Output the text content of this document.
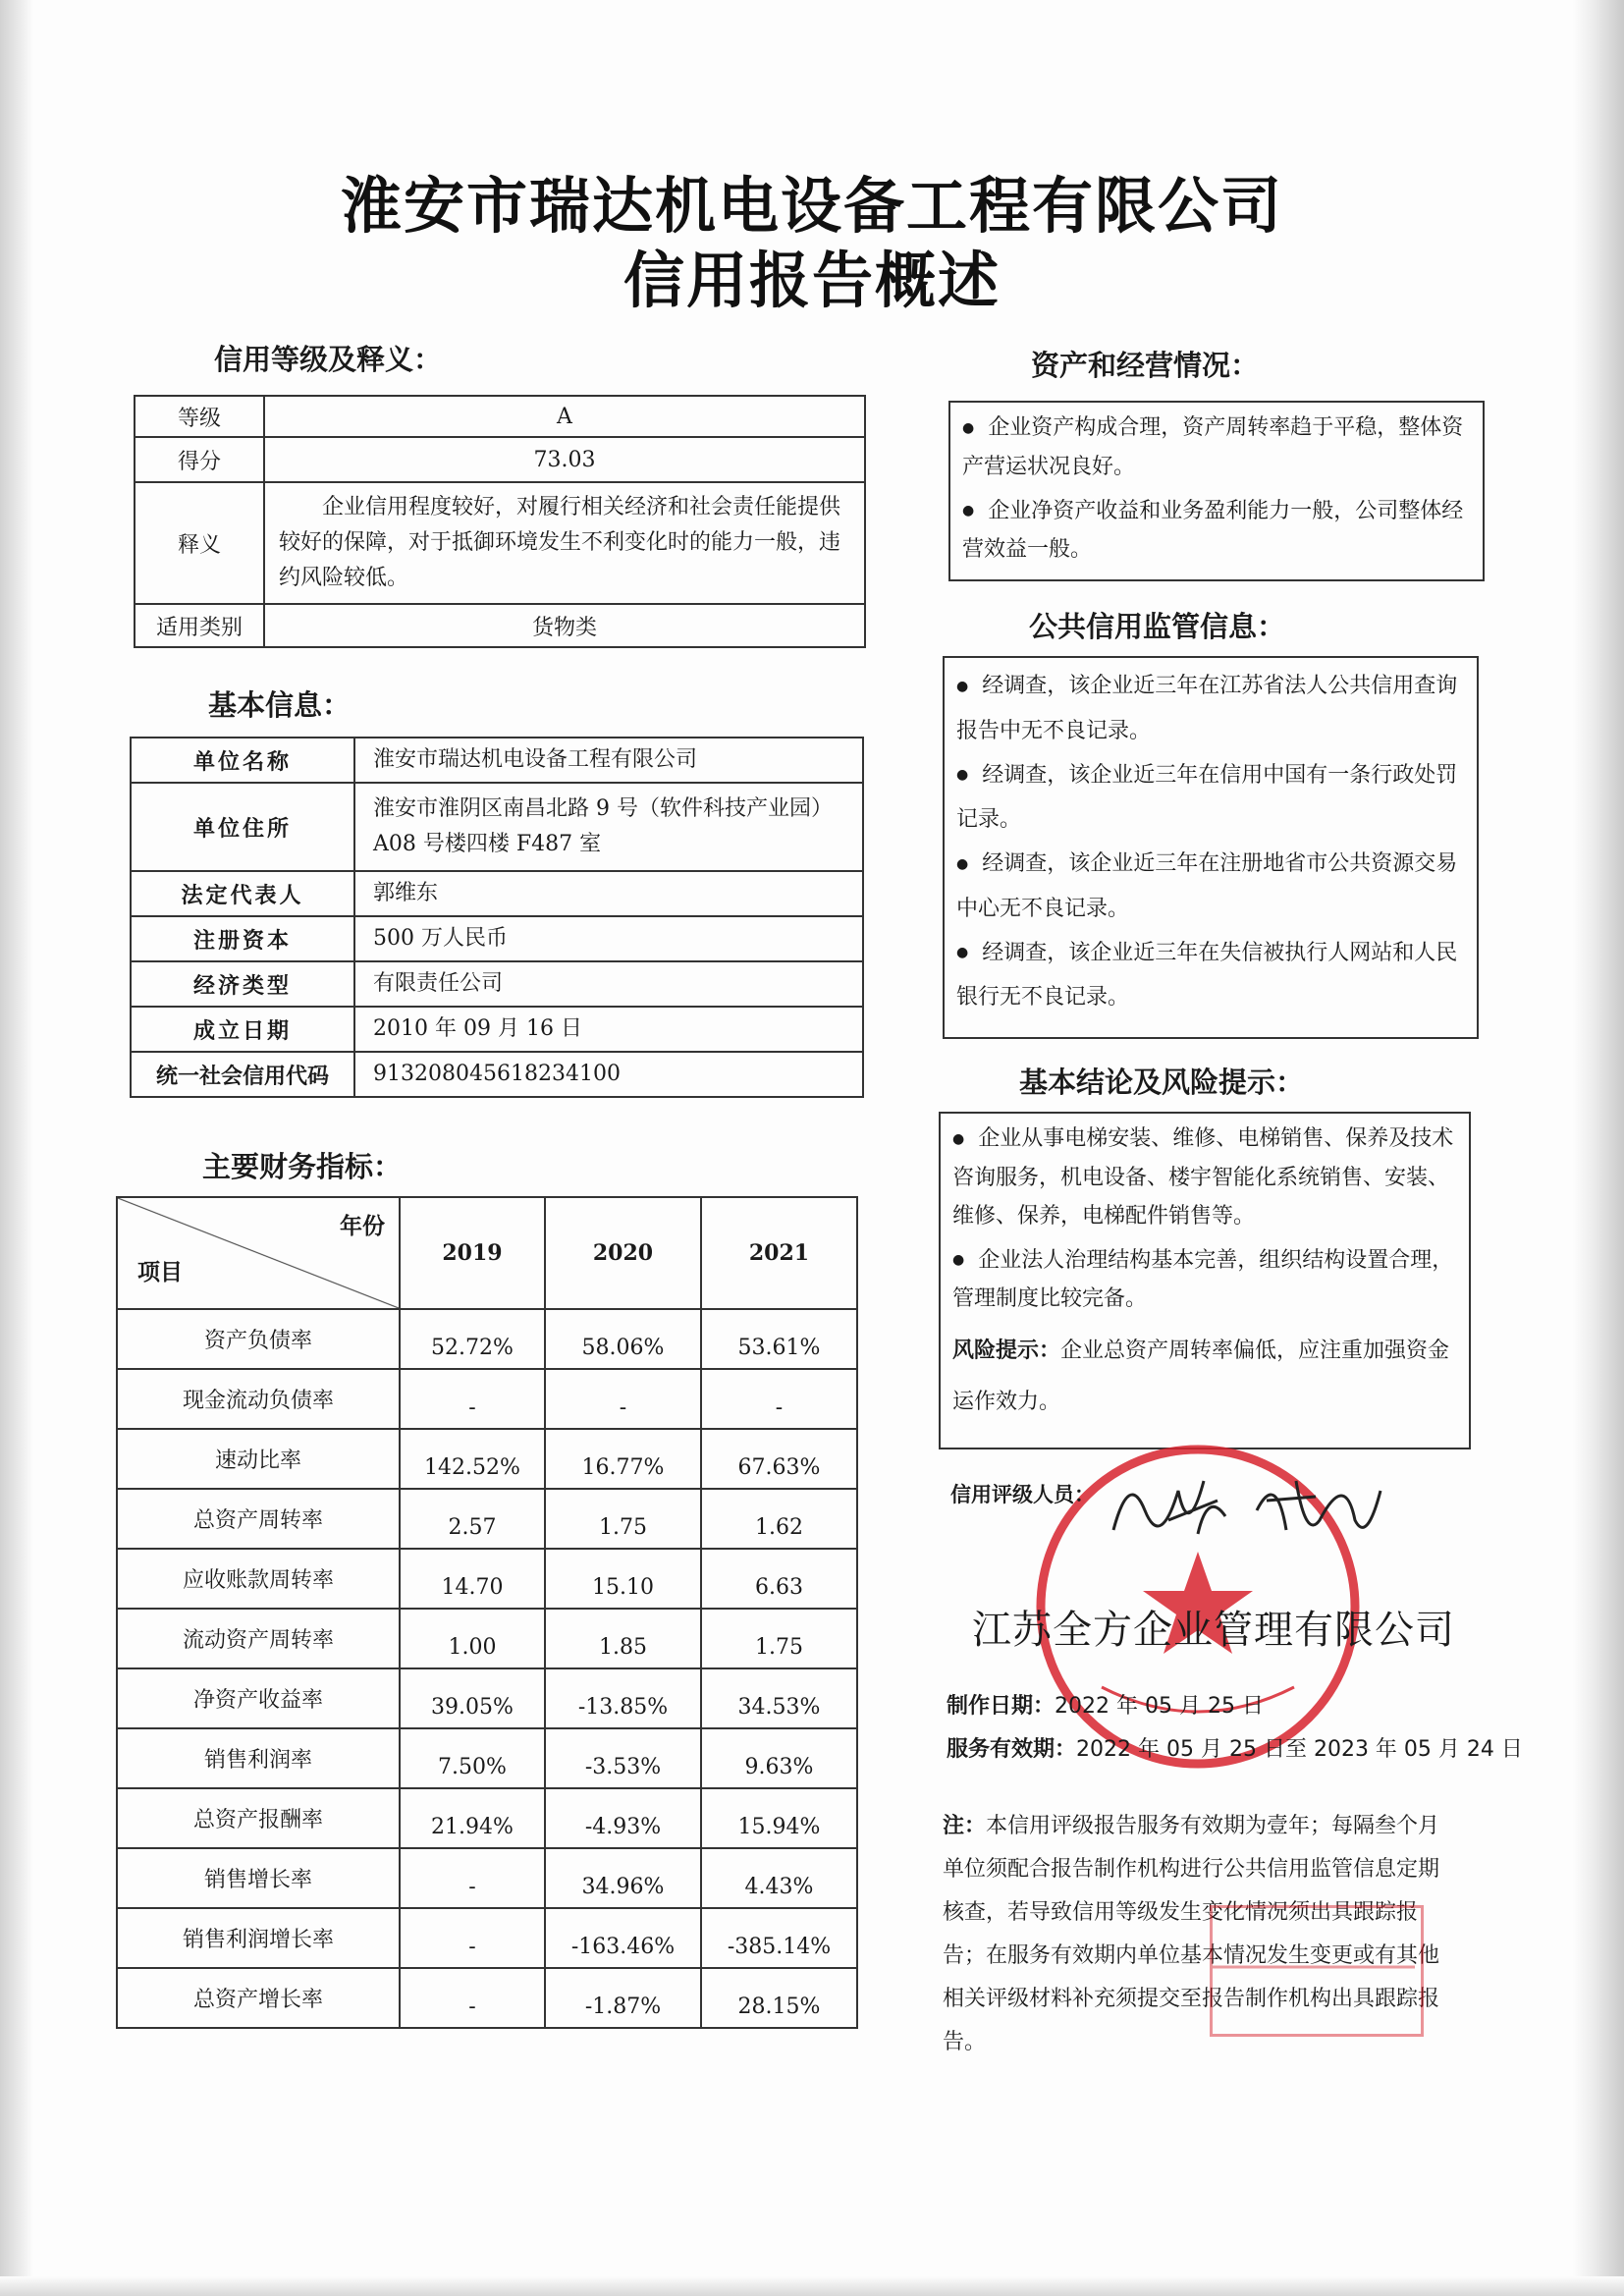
淮安市瑞达机电设备工程有限公司
信用报告概述
信用等级及释义：
等级	A
得分	73.03
释义	企业信用程度较好，对履行相关经济和社会责任能提供较好的保障，对于抵御环境发生不利变化时的能力一般，违约风险较低。
适用类别	货物类
基本信息：
单位名称	淮安市瑞达机电设备工程有限公司
单位住所	淮安市淮阴区南昌北路 9 号（软件科技产业园）A08 号楼四楼 F487 室
法定代表人	郭维东
注册资本	500 万人民币
经济类型	有限责任公司
成立日期	2010 年 09 月 16 日
统一社会信用代码	913208045618234100
主要财务指标：
年份
项目	2019	2020	2021
资产负债率	52.72%	58.06%	53.61%
现金流动负债率	-	-	-
速动比率	142.52%	16.77%	67.63%
总资产周转率	2.57	1.75	1.62
应收账款周转率	14.70	15.10	6.63
流动资产周转率	1.00	1.85	1.75
净资产收益率	39.05%	-13.85%	34.53%
销售利润率	7.50%	-3.53%	9.63%
总资产报酬率	21.94%	-4.93%	15.94%
销售增长率	-	34.96%	4.43%
销售利润增长率	-	-163.46%	-385.14%
总资产增长率	-	-1.87%	28.15%
资产和经营情况：

● 企业资产构成合理，资产周转率趋于平稳，整体资产营运状况良好。

● 企业净资产收益和业务盈利能力一般，公司整体经营效益一般。

公共信用监管信息：

● 经调查，该企业近三年在江苏省法人公共信用查询报告中无不良记录。

● 经调查，该企业近三年在信用中国有一条行政处罚记录。

● 经调查，该企业近三年在注册地省市公共资源交易中心无不良记录。

● 经调查，该企业近三年在失信被执行人网站和人民银行无不良记录。

基本结论及风险提示：

● 企业从事电梯安装、维修、电梯销售、保养及技术咨询服务，机电设备、楼宇智能化系统销售、安装、维修、保养，电梯配件销售等。

● 企业法人治理结构基本完善，组织结构设置合理，管理制度比较完备。

风险提示：企业总资产周转率偏低，应注重加强资金运作效力。

信用评级人员：

江苏全方企业管理有限公司

制作日期：2022 年 05 月 25 日

服务有效期：2022 年 05 月 25 日至 2023 年 05 月 24 日

注：本信用评级报告服务有效期为壹年；每隔叁个月单位须配合报告制作机构进行公共信用监管信息定期核查，若导致信用等级发生变化情况须出具跟踪报告；在服务有效期内单位基本情况发生变更或有其他相关评级材料补充须提交至报告制作机构出具跟踪报告。
